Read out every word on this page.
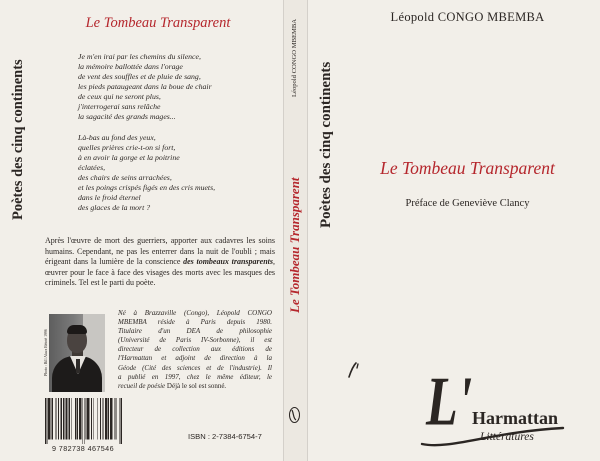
Léopold CONGO MBEMBA
Le Tombeau Transparent
Poètes des cinq continents
Le Tombeau Transparent
Je m'en irai par les chemins du silence,
la mémoire ballottée dans l'orage
de vent des souffles et de pluie de sang,
les pieds pataugeant dans la boue de chair
de ceux qui ne seront plus,
j'interrogerai sans relâche
la sagacité des grands mages...
Là-bas au fond des yeux,
quelles prières crie-t-on si fort,
à en avoir la gorge et la poitrine
éclatées,
des chairs de seins arrachées,
et les poings crispés figés en des cris muets,
dans le froid éternel
des glaces de la mort ?

Après l'œuvre de mort des guerriers, apporter aux cadavres les soins humains. Cependant, ne pas les enterrer dans la nuit de l'oubli ; mais érigeant dans la lumière de la conscience des tombeaux transparents, œuvrer pour le face à face des visages des morts avec les masques des criminels. Tel est le parti du poète.

Photo : Bill Akwa Bétotè 1996
Né à Brazzaville (Congo), Léopold CONGO
MBEMBA réside à Paris depuis 1980.
Titulaire d'un DEA de philosophie
(Université de Paris IV-Sorbonne), il est
directeur de collection aux éditions de
l'Harmattan et adjoint de direction à la
Géode (Cité des sciences et de l'industrie). Il
a publié en 1997, chez le même éditeur, le
recueil de poésie Déjà le sol est sonné.
9 782738 467546
ISBN : 2-7384-6754-7
Poètes des cinq continents
Léopold CONGO MBEMBA
Le Tombeau Transparent
Préface de Geneviève Clancy
L' Harmattan
Littératures
